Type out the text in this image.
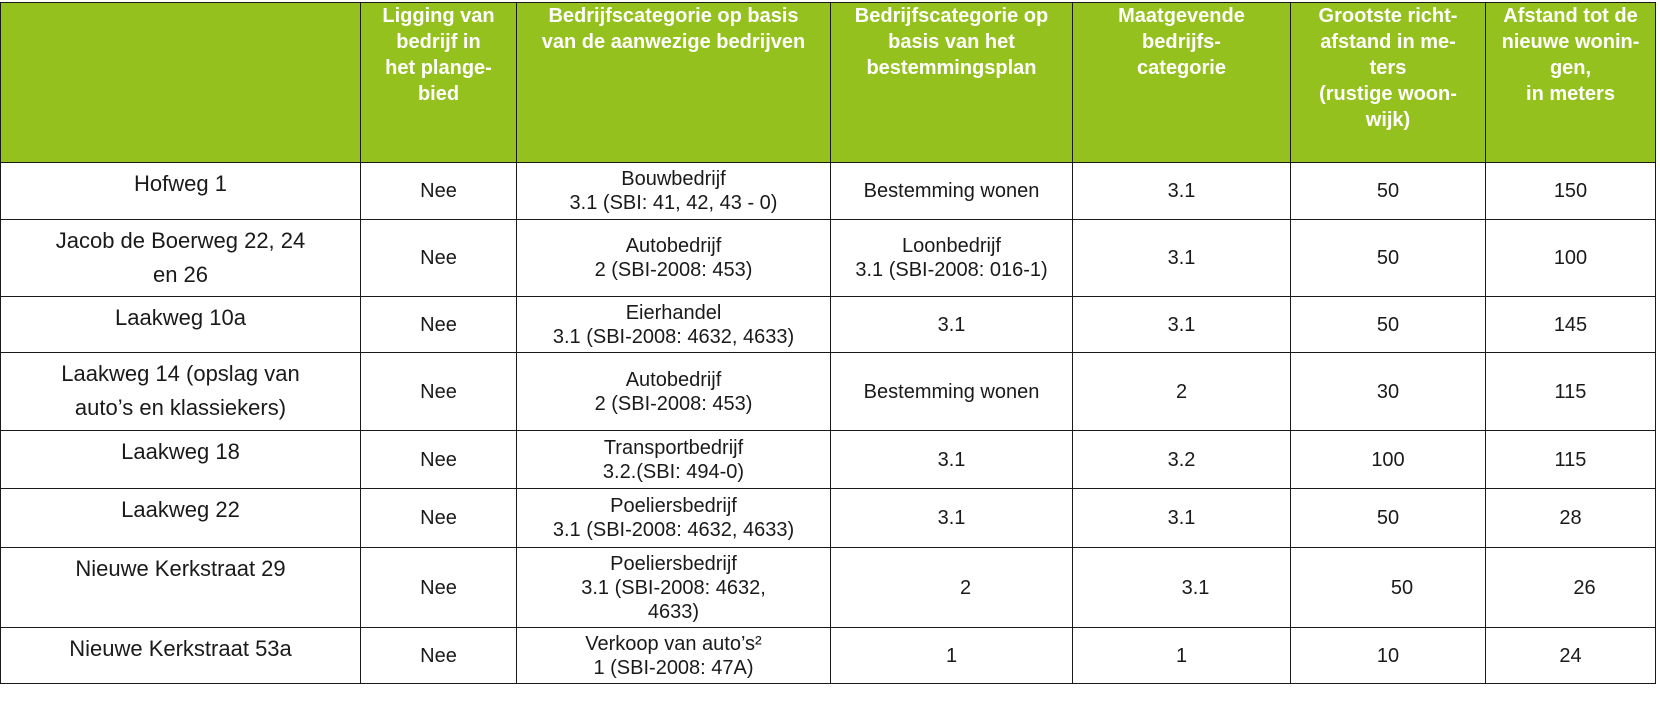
	Ligging van
bedrijf in
het plange-
bied	Bedrijfscategorie op basis
van de aanwezige bedrijven	Bedrijfscategorie op
basis van het
bestemmingsplan	Maatgevende
bedrijfs-
categorie	Grootste richt-
afstand in me-
ters
(rustige woon-
wijk)	Afstand tot de
nieuwe wonin-
gen,
in meters

Hofweg 1	Nee	Bouwbedrijf
3.1 (SBI: 41, 42, 43 - 0)	Bestemming wonen	3.1	50	150

Jacob de Boerweg 22, 24
en 26	Nee	Autobedrijf
2 (SBI-2008: 453)	Loonbedrijf
3.1 (SBI-2008: 016-1)	3.1	50	100

Laakweg 10a	Nee	Eierhandel
3.1 (SBI-2008: 4632, 4633)	3.1	3.1	50	145

Laakweg 14 (opslag van
auto’s en klassiekers)	Nee	Autobedrijf
2 (SBI-2008: 453)	Bestemming wonen	2	30	115

Laakweg 18	Nee	Transportbedrijf
3.2.(SBI: 494-0)	3.1	3.2	100	115

Laakweg 22	Nee	Poeliersbedrijf
3.1 (SBI-2008: 4632, 4633)	3.1	3.1	50	28

Nieuwe Kerkstraat 29	Nee	Poeliersbedrijf
3.1 (SBI-2008: 4632,
4633)	2	3.1	50	26

Nieuwe Kerkstraat 53a	Nee	Verkoop van auto’s²
1 (SBI-2008: 47A)	1	1	10	24
